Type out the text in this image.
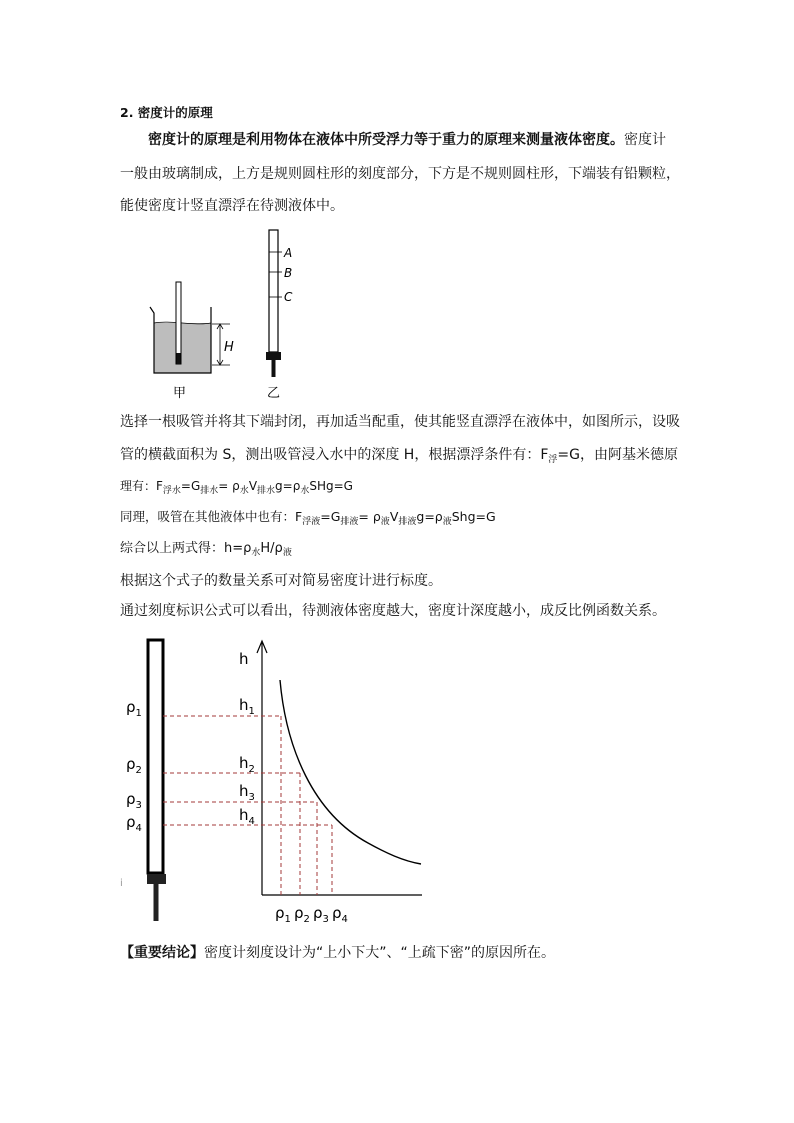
2. 密度计的原理
密度计的原理是利用物体在液体中所受浮力等于重力的原理来测量液体密度。密度计
一般由玻璃制成，上方是规则圆柱形的刻度部分，下方是不规则圆柱形，下端装有铅颗粒，
能使密度计竖直漂浮在待测液体中。
H
A
B
C
甲	乙
选择一根吸管并将其下端封闭，再加适当配重，使其能竖直漂浮在液体中，如图所示，设吸
管的横截面积为 S，测出吸管浸入水中的深度 H，根据漂浮条件有：$F_浮=G$，由阿基米德原
理有：$F_{浮水}=G_{排水}= \rho_水V_{排水}g=\rho_水SHg=G$
同理，吸管在其他液体中也有：$F_{浮液}=G_{排液}= \rho_液V_{排液}g=\rho_液Shg=G$
综合以上两式得：$h=\rho_水H/\rho_液$
根据这个式子的数量关系可对简易密度计进行标度。
通过刻度标识公式可以看出，待测液体密度越大，密度计深度越小，成反比例函数关系。
i
h
$\rho_1$
$\rho_2$
$\rho_3$
$\rho_4$
$h_1$
$h_2$
$h_3$
$h_4$
$\rho_1$ $\rho_2$ $\rho_3$ $\rho_4$
【重要结论】密度计刻度设计为“上小下大”、“上疏下密”的原因所在。
